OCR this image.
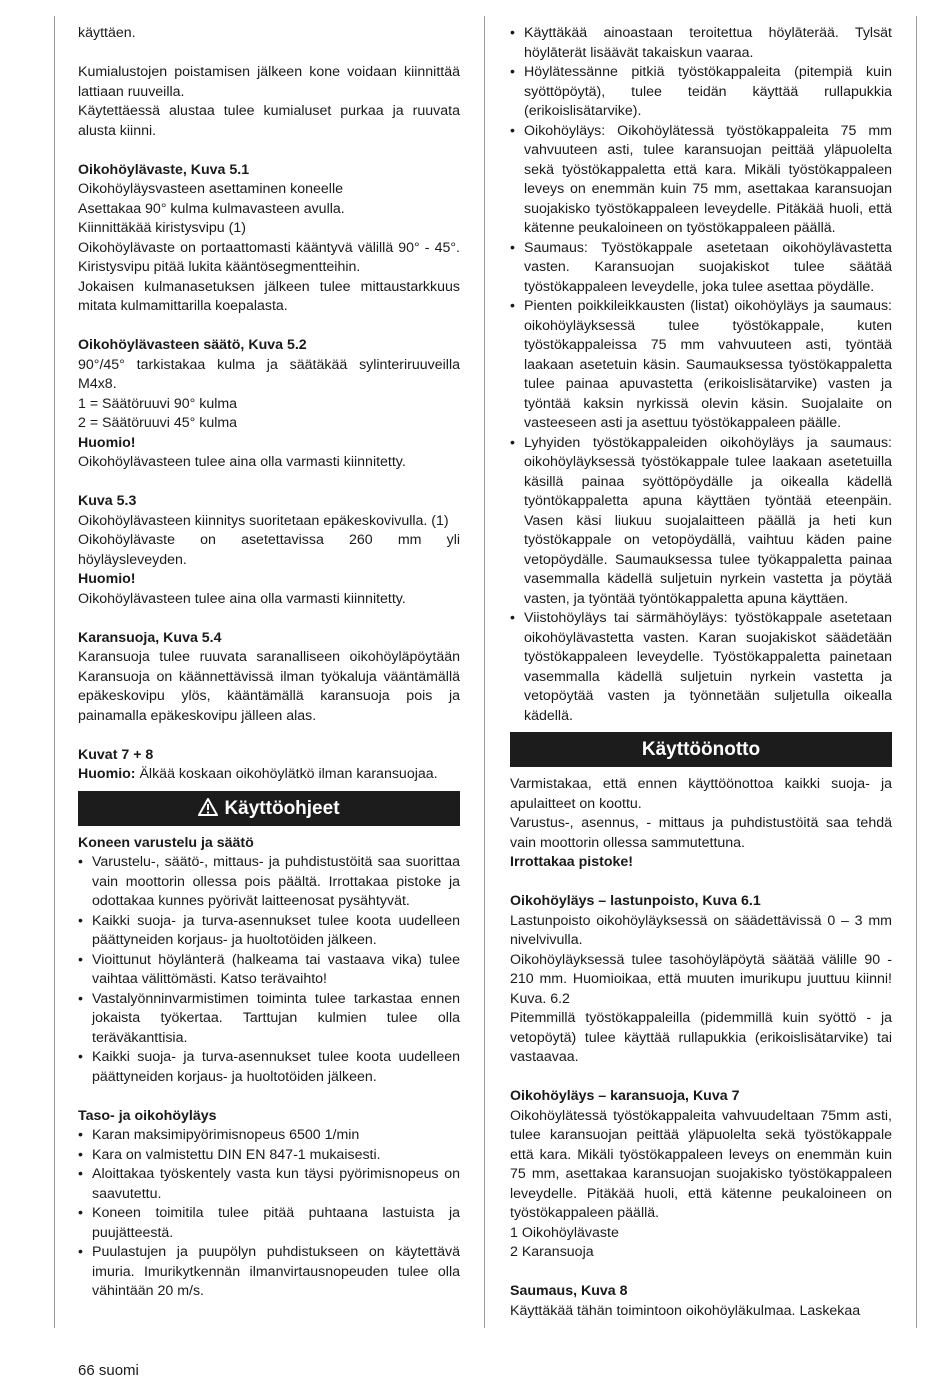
käyttäen.

Kumialustojen poistamisen jälkeen kone voidaan kiinnittää lattiaan ruuveilla.

Käytettäessä alustaa tulee kumialuset purkaa ja ruuvata alusta kiinni.

Oikohöylävaste, Kuva 5.1

Oikohöyläysvasteen asettaminen koneelle

Asettakaa 90° kulma kulmavasteen avulla.

Kiinnittäkää kiristysvipu (1)

Oikohöylävaste on portaattomasti kääntyvä välillä 90° - 45°. Kiristysvipu pitää lukita kääntösegmentteihin.

Jokaisen kulmanasetuksen jälkeen tulee mittaustarkkuus mitata kulmamittarilla koepalasta.

Oikohöylävasteen säätö, Kuva 5.2

90°/45° tarkistakaa kulma ja säätäkää sylinteriruuveilla M4x8.

1 = Säätöruuvi 90° kulma

2 = Säätöruuvi 45° kulma

Huomio!

Oikohöylävasteen tulee aina olla varmasti kiinnitetty.

Kuva 5.3

Oikohöylävasteen kiinnitys suoritetaan epäkeskovivulla. (1)

Oikohöylävaste on asetettavissa 260 mm yli höyläysleveyden.

Huomio!

Oikohöylävasteen tulee aina olla varmasti kiinnitetty.

Karansuoja, Kuva 5.4

Karansuoja tulee ruuvata saranalliseen oikohöyläpöytään Karansuoja on käännettävissä ilman työkaluja vääntämällä epäkeskovipu ylös, kääntämällä karansuoja pois ja painamalla epäkeskovipu jälleen alas.

Kuvat 7 + 8

Huomio: Älkää koskaan oikohöylätkö ilman karansuojaa.

Käyttöohjeet

Koneen varustelu ja säätö

• Varustelu-, säätö-, mittaus- ja puhdistustöitä saa suorittaa vain moottorin ollessa pois päältä. Irrottakaa pistoke ja odottakaa kunnes pyörivät laitteenosat pysähtyvät.
• Kaikki suoja- ja turva-asennukset tulee koota uudelleen päättyneiden korjaus- ja huoltotöiden jälkeen.
• Vioittunut höylänterä (halkeama tai vastaava vika) tulee vaihtaa välittömästi. Katso terävaihto!
• Vastalyönninvarmistimen toiminta tulee tarkastaa ennen jokaista työkertaa. Tarttujan kulmien tulee olla teräväkanttisia.
• Kaikki suoja- ja turva-asennukset tulee koota uudelleen päättyneiden korjaus- ja huoltotöiden jälkeen.

Taso- ja oikohöyläys

• Karan maksimipyörimisnopeus 6500 1/min
• Kara on valmistettu DIN EN 847-1 mukaisesti.
• Aloittakaa työskentely vasta kun täysi pyörimisnopeus on saavutettu.
• Koneen toimitila tulee pitää puhtaana lastuista ja puujätteestä.
• Puulastujen ja puupölyn puhdistukseen on käytettävä imuria. Imurikytkennän ilmanvirtausnopeuden tulee olla vähintään 20 m/s.
• Käyttäkää ainoastaan teroitettua höylāterää. Tylsät höylāterät lisäävät takaiskun vaaraa.
• Höylätessänne pitkiä työstökappaleita (pitempiä kuin syöttöpöytä), tulee teidän käyttää rullapukkia (erikoislisätarvike).
• Oikohöyläys: Oikohöylätessä työstökappaleita 75 mm vahvuuteen asti, tulee karansuojan peittää yläpuolelta sekä työstökappaletta että kara. Mikäli työstökappaleen leveys on enemmän kuin 75 mm, asettakaa karansuojan suojakisko työstökappaleen leveydelle. Pitäkää huoli, että kätenne peukaloineen on työstökappaleen päällä.
• Saumaus: Työstökappale asetetaan oikohöylävastetta vasten. Karansuojan suojakiskot tulee säätää työstökappaleen leveydelle, joka tulee asettaa pöydälle.
• Pienten poikkileikkausten (listat) oikohöyläys ja saumaus: oikohöyläyksessä tulee työstökappale, kuten työstökappaleissa 75 mm vahvuuteen asti, työntää laakaan asetetuin käsin. Saumauksessa työstökappaletta tulee painaa apuvastetta (erikoislisätarvike) vasten ja työntää kaksin nyrkissä olevin käsin. Suojalaite on vasteeseen asti ja asettuu työstökappaleen päälle.
• Lyhyiden työstökappaleiden oikohöyläys ja saumaus: oikohöyläyksessä työstökappale tulee laakaan asetetuilla käsillä painaa syöttöpöydälle ja oikealla kädellä työntökappaletta apuna käyttäen työntää eteenpäin. Vasen käsi liukuu suojalaitteen päällä ja heti kun työstökappale on vetopöydällä, vaihtuu käden paine vetopöydälle. Saumauksessa tulee työkappaletta painaa vasemmalla kädellä suljetuin nyrkein vastetta ja pöytää vasten, ja työntää työntökappaletta apuna käyttäen.
• Viistohöyläys tai särmähöyläys: työstökappale asetetaan oikohöylävastetta vasten. Karan suojakiskot säädetään työstökappaleen leveydelle. Työstökappaletta painetaan vasemmalla kädellä suljetuin nyrkein vastetta ja vetopöytää vasten ja työnnetään suljetulla oikealla kädellä.
Käyttöönotto

Varmistakaa, että ennen käyttöönottoa kaikki suoja- ja apulaitteet on koottu.

Varustus-, asennus, - mittaus ja puhdistustöitä saa tehdä vain moottorin ollessa sammutettuna.

Irrottakaa pistoke!

Oikohöyläys – lastunpoisto, Kuva 6.1

Lastunpoisto oikohöyläyksessä on säädettävissä 0 – 3 mm nivelvivulla.

Oikohöyläyksessä tulee tasohöyläpöytä säätää välille 90 - 210 mm. Huomioikaa, että muuten imurikupu juuttuu kiinni! Kuva. 6.2

Pitemmillä työstökappaleilla (pidemmillä kuin syöttö - ja vetopöytä) tulee käyttää rullapukkia (erikoislisätarvike) tai vastaavaa.

Oikohöyläys – karansuoja, Kuva 7

Oikohöylätessä työstökappaleita vahvuudeltaan 75mm asti, tulee karansuojan peittää yläpuolelta sekä työstökappale että kara. Mikäli työstökappaleen leveys on enemmän kuin 75 mm, asettakaa karansuojan suojakisko työstökappaleen leveydelle. Pitäkää huoli, että kätenne peukaloineen on työstökappaleen päällä.

1 Oikohöylävaste

2 Karansuoja

Saumaus, Kuva 8

Käyttäkää tähän toimintoon oikohöyläkulmaa. Laskekaa

66 suomi
